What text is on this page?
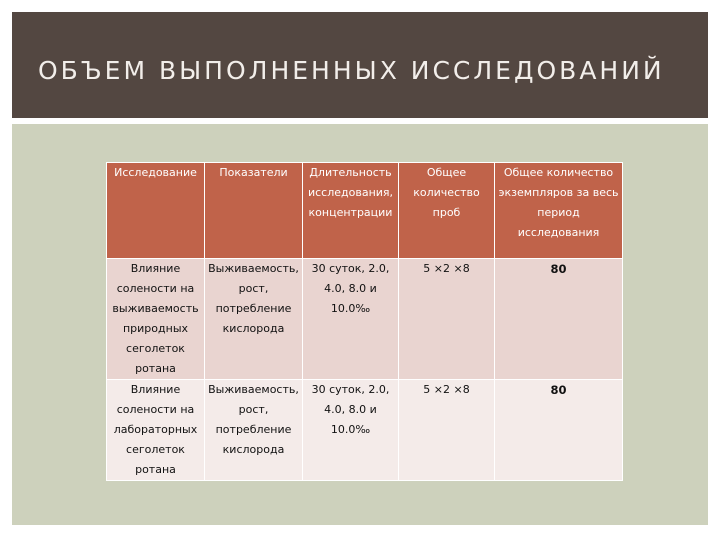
ОБЪЕМ ВЫПОЛНЕННЫХ ИССЛЕДОВАНИЙ
Исследование	Показатели	Длительность исследования, концентрации	Общее количество проб	Общее количество экземпляров за весь период исследования
Влияние солености на выживаемость природных сеголеток ротана	Выживаемость, рост, потребление кислорода	30 суток, 2.0, 4.0, 8.0 и 10.0‰	5 ×2 ×8	80
Влияние солености на лабораторных сеголеток ротана	Выживаемость, рост, потребление кислорода	30 суток, 2.0, 4.0, 8.0 и 10.0‰	5 ×2 ×8	80
